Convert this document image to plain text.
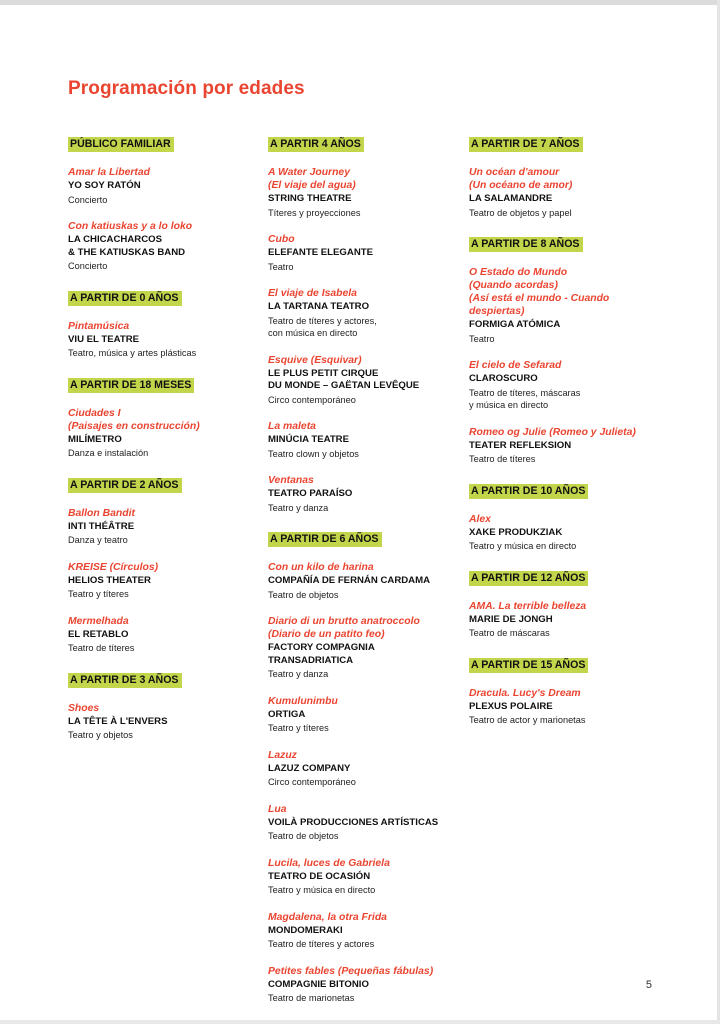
Programación por edades
PÚBLICO FAMILIAR

Amar la Libertad
YO SOY RATÓN
Concierto
Con katiuskas y a lo loko
LA CHICACHARCOS
& THE KATIUSKAS BAND
Concierto
A PARTIR DE 0 AÑOS

Pintamúsica
VIU EL TEATRE
Teatro, música y artes plásticas
A PARTIR DE 18 MESES

Ciudades I
(Paisajes en construcción)
MILÍMETRO
Danza e instalación
A PARTIR DE 2 AÑOS

Ballon Bandit
INTI THÉÂTRE
Danza y teatro
KREISE (Círculos)
HELIOS THEATER
Teatro y títeres
Mermelhada
EL RETABLO
Teatro de títeres
A PARTIR DE 3 AÑOS

Shoes
LA TÊTE À L'ENVERS
Teatro y objetos
A PARTIR 4 AÑOS

A Water Journey
(El viaje del agua)
STRING THEATRE
Títeres y proyecciones
Cubo
ELEFANTE ELEGANTE
Teatro
El viaje de Isabela
LA TARTANA TEATRO
Teatro de títeres y actores,
con música en directo
Esquive (Esquivar)
LE PLUS PETIT CIRQUE
DU MONDE – GAËTAN LEVÊQUE
Circo contemporáneo
La maleta
MINÚCIA TEATRE
Teatro clown y objetos
Ventanas
TEATRO PARAÍSO
Teatro y danza
A PARTIR DE 6 AÑOS

Con un kilo de harina
COMPAÑÍA DE FERNÁN CARDAMA
Teatro de objetos
Diario di un brutto anatroccolo
(Diario de un patito feo)
FACTORY COMPAGNIA
TRANSADRIATICA
Teatro y danza
Kumulunimbu
ORTIGA
Teatro y títeres
Lazuz
LAZUZ COMPANY
Circo contemporáneo
Lua
VOILÀ PRODUCCIONES ARTÍSTICAS
Teatro de objetos
Lucila, luces de Gabriela
TEATRO DE OCASIÓN
Teatro y música en directo
Magdalena, la otra Frida
MONDOMERAKI
Teatro de títeres y actores
Petites fables (Pequeñas fábulas)
COMPAGNIE BITONIO
Teatro de marionetas
A PARTIR DE 7 AÑOS

Un océan d'amour
(Un océano de amor)
LA SALAMANDRE
Teatro de objetos y papel
A PARTIR DE 8 AÑOS

O Estado do Mundo
(Quando acordas)
(Así está el mundo - Cuando
despiertas)
FORMIGA ATÓMICA
Teatro
El cielo de Sefarad
CLAROSCURO
Teatro de títeres, máscaras
y música en directo
Romeo og Julie (Romeo y Julieta)
TEATER REFLEKSION
Teatro de títeres
A PARTIR DE 10 AÑOS

Alex
XAKE PRODUKZIAK
Teatro y música en directo
A PARTIR DE 12 AÑOS

AMA. La terrible belleza
MARIE DE JONGH
Teatro de máscaras
A PARTIR DE 15 AÑOS

Dracula. Lucy's Dream
PLEXUS POLAIRE
Teatro de actor y marionetas
5
